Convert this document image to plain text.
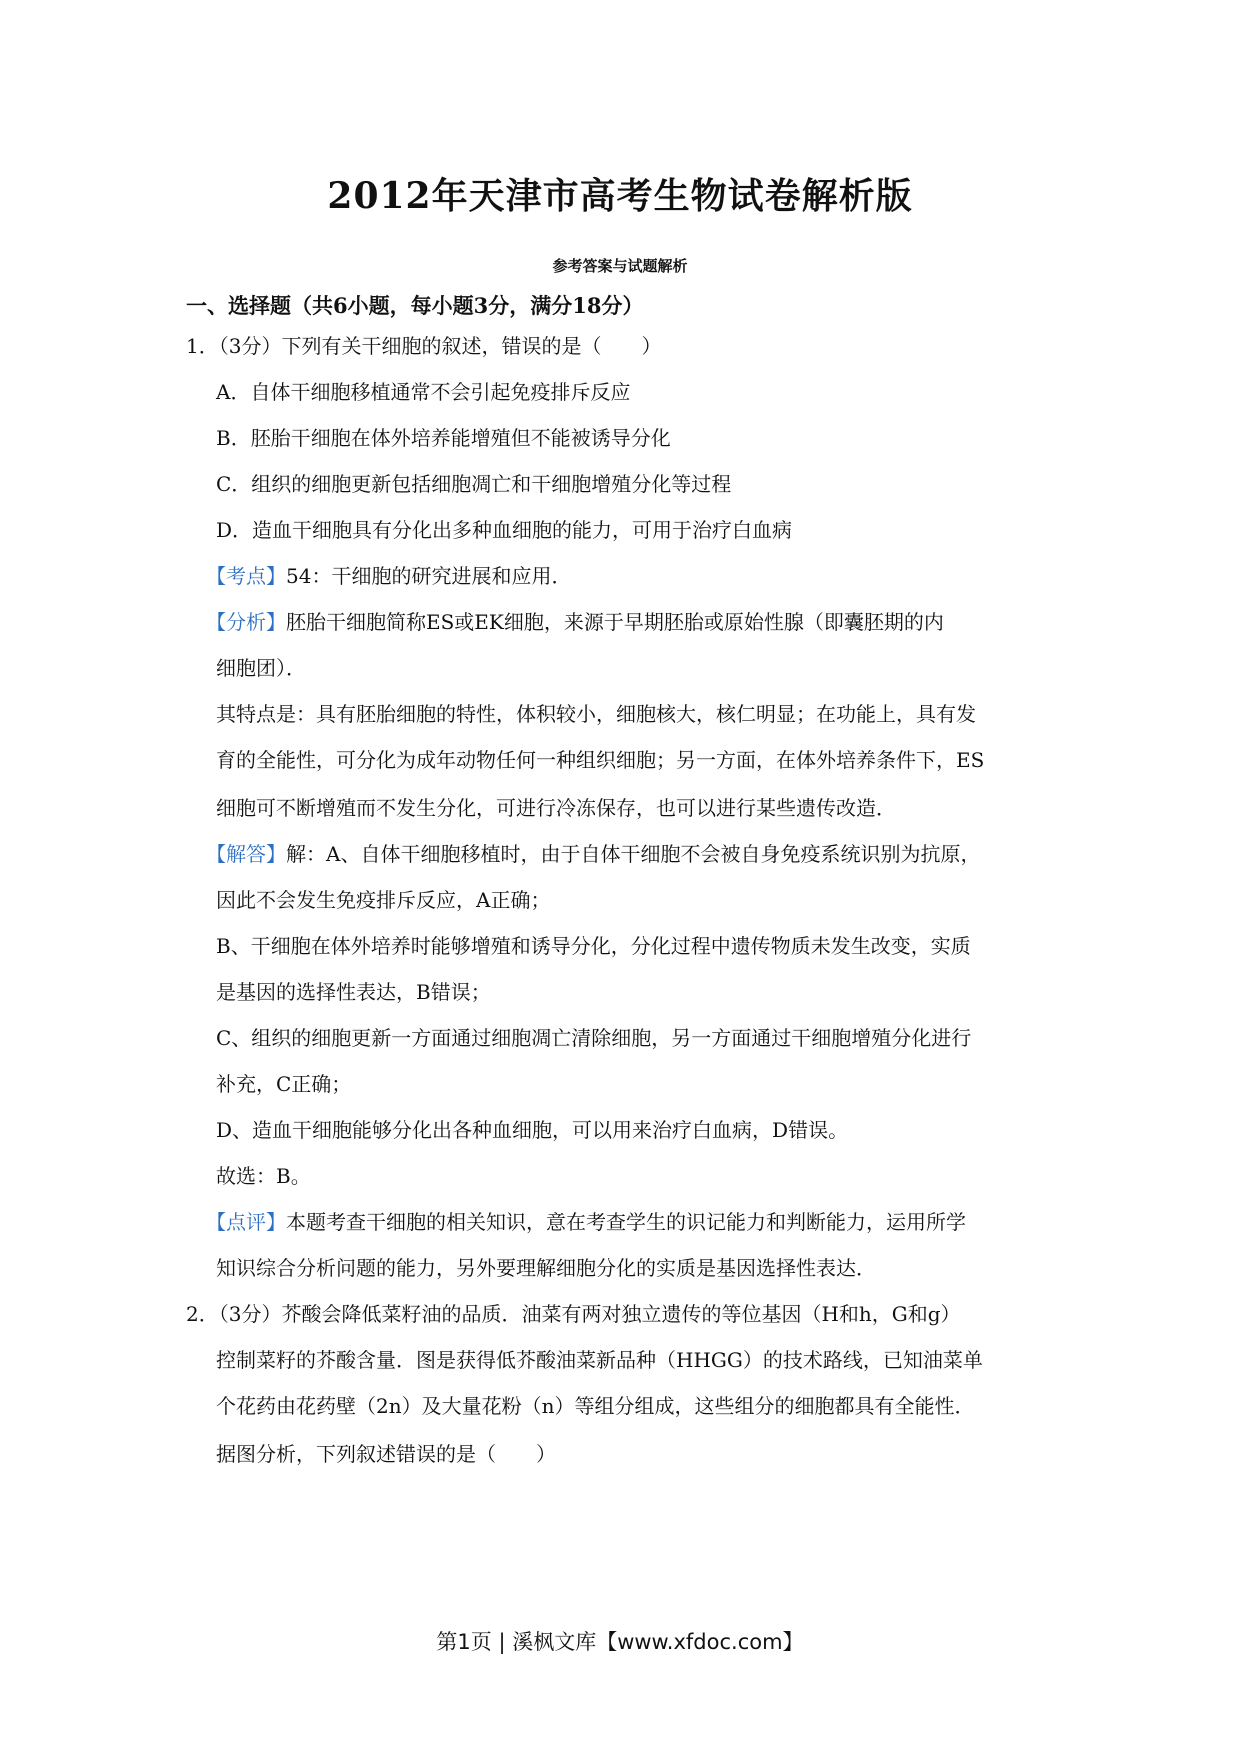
2012年天津市高考生物试卷解析版
参考答案与试题解析
一、选择题（共6小题，每小题3分，满分18分）
1．（3分）下列有关干细胞的叙述，错误的是（　　）
A．自体干细胞移植通常不会引起免疫排斥反应
B．胚胎干细胞在体外培养能增殖但不能被诱导分化
C．组织的细胞更新包括细胞凋亡和干细胞增殖分化等过程
D．造血干细胞具有分化出多种血细胞的能力，可用于治疗白血病
【考点】54：干细胞的研究进展和应用．
【分析】胚胎干细胞简称ES或EK细胞，来源于早期胚胎或原始性腺（即囊胚期的内
细胞团）．
其特点是：具有胚胎细胞的特性，体积较小，细胞核大，核仁明显；在功能上，具有发
育的全能性，可分化为成年动物任何一种组织细胞；另一方面，在体外培养条件下，ES
细胞可不断增殖而不发生分化，可进行冷冻保存，也可以进行某些遗传改造．
【解答】解：A、自体干细胞移植时，由于自体干细胞不会被自身免疫系统识别为抗原，
因此不会发生免疫排斥反应，A正确；
B、干细胞在体外培养时能够增殖和诱导分化，分化过程中遗传物质未发生改变，实质
是基因的选择性表达，B错误；
C、组织的细胞更新一方面通过细胞凋亡清除细胞，另一方面通过干细胞增殖分化进行
补充，C正确；
D、造血干细胞能够分化出各种血细胞，可以用来治疗白血病，D错误。
故选：B。
【点评】本题考查干细胞的相关知识，意在考查学生的识记能力和判断能力，运用所学
知识综合分析问题的能力，另外要理解细胞分化的实质是基因选择性表达．
2．（3分）芥酸会降低菜籽油的品质．油菜有两对独立遗传的等位基因（H和h，G和g）
控制菜籽的芥酸含量．图是获得低芥酸油菜新品种（HHGG）的技术路线，已知油菜单
个花药由花药壁（2n）及大量花粉（n）等组分组成，这些组分的细胞都具有全能性．
据图分析，下列叙述错误的是（　　）
第1页 | 溪枫文库【www.xfdoc.com】
